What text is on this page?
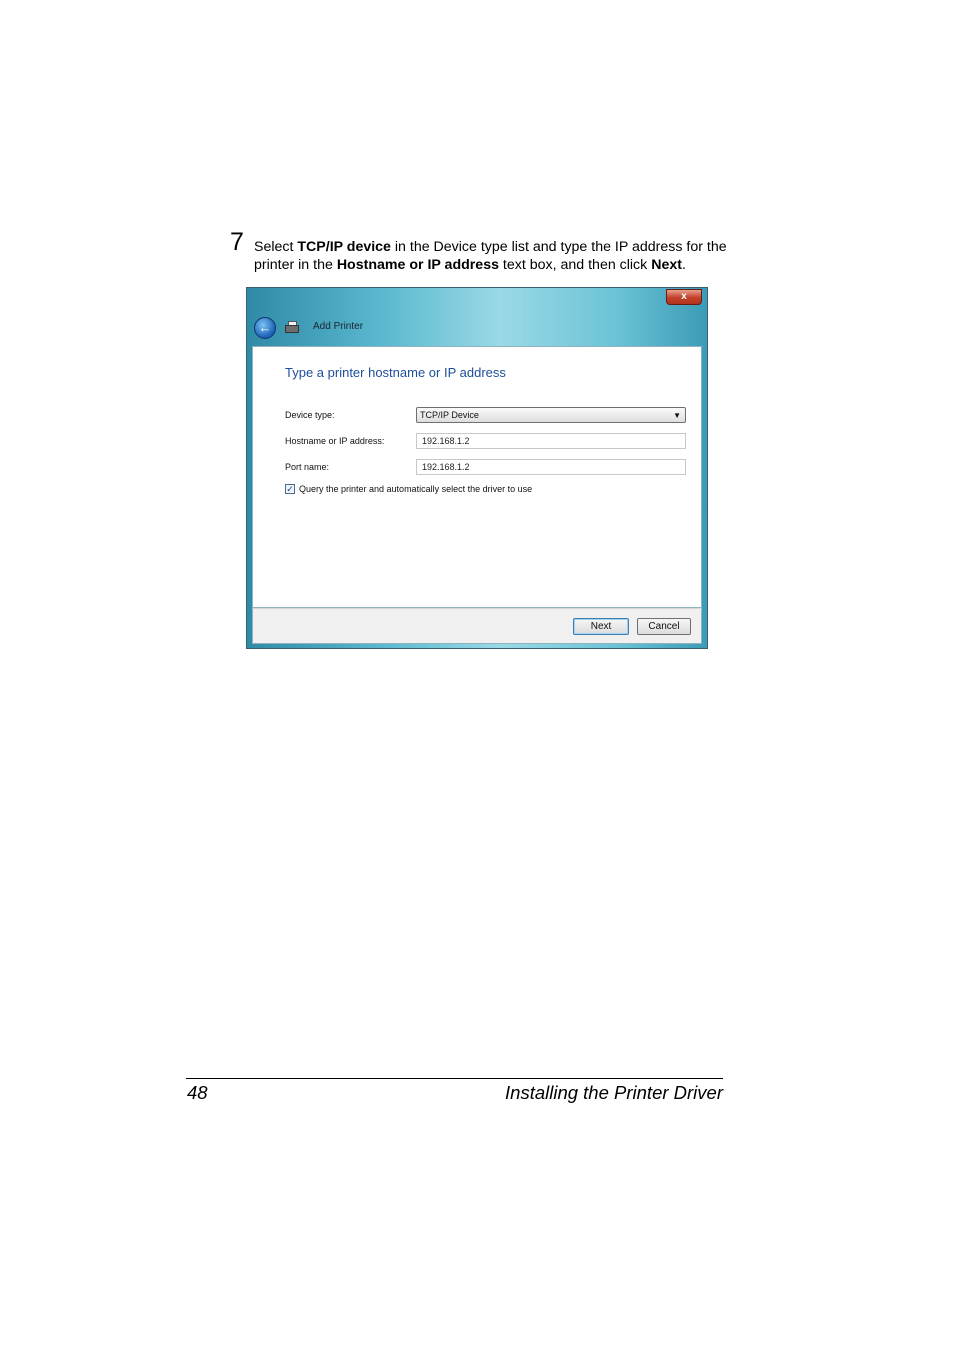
7 Select TCP/IP device in the Device type list and type the IP address for the printer in the Hostname or IP address text box, and then click Next.
x
←	Add Printer
Type a printer hostname or IP address
Device type:	TCP/IP Device	▼
Hostname or IP address:	192.168.1.2
Port name:	192.168.1.2
✓ Query the printer and automatically select the driver to use
Next	Cancel
48	Installing the Printer Driver
